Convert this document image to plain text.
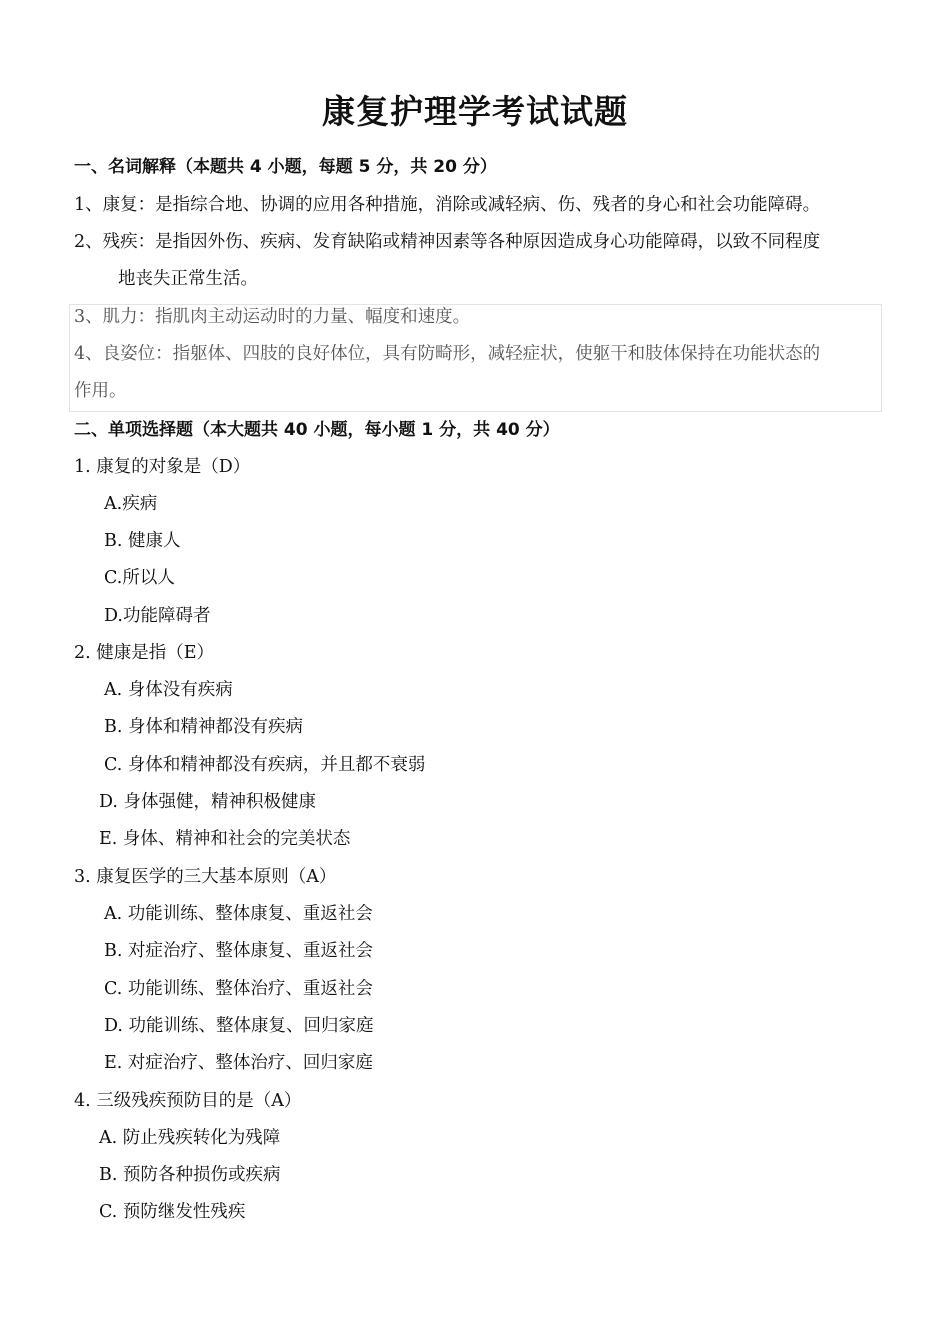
康复护理学考试试题
一、名词解释（本题共 4 小题，每题 5 分，共 20 分）
1、康复：是指综合地、协调的应用各种措施，消除或减轻病、伤、残者的身心和社会功能障碍。
2、残疾：是指因外伤、疾病、发育缺陷或精神因素等各种原因造成身心功能障碍，以致不同程度
地丧失正常生活。
3、肌力：指肌肉主动运动时的力量、幅度和速度。
4、良姿位：指躯体、四肢的良好体位，具有防畸形，减轻症状，使躯干和肢体保持在功能状态的
作用。
二、单项选择题（本大题共 40 小题，每小题 1 分，共 40 分）
1. 康复的对象是（D）
A.疾病
B. 健康人
C.所以人
D.功能障碍者
2. 健康是指（E）
A. 身体没有疾病
B. 身体和精神都没有疾病
C. 身体和精神都没有疾病，并且都不衰弱
D. 身体强健，精神积极健康
E. 身体、精神和社会的完美状态
3. 康复医学的三大基本原则（A）
A. 功能训练、整体康复、重返社会
B. 对症治疗、整体康复、重返社会
C. 功能训练、整体治疗、重返社会
D. 功能训练、整体康复、回归家庭
E. 对症治疗、整体治疗、回归家庭
4. 三级残疾预防目的是（A）
A. 防止残疾转化为残障
B. 预防各种损伤或疾病
C. 预防继发性残疾
